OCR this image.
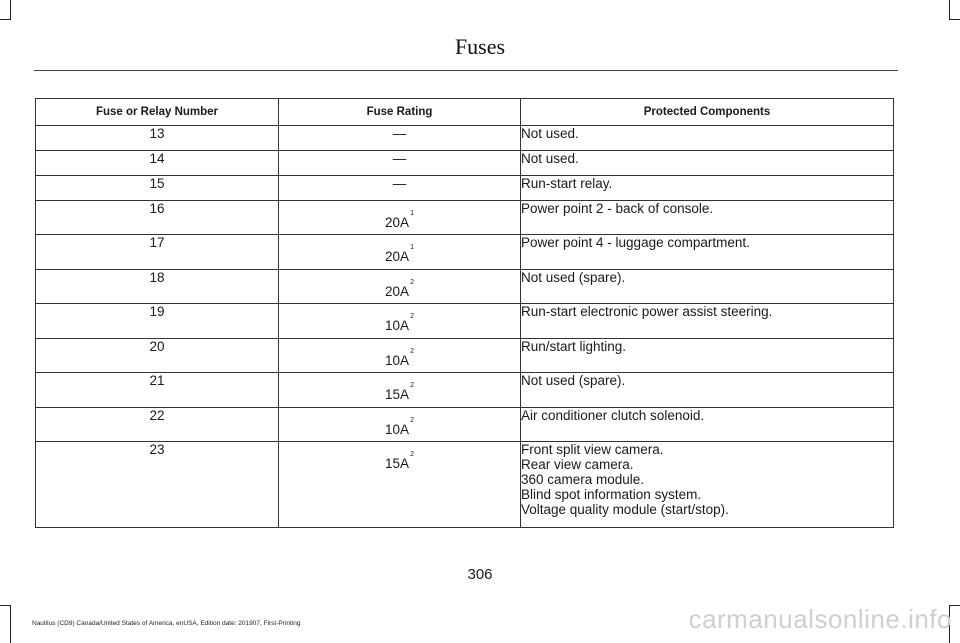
Fuses
Fuse or Relay Number	Fuse Rating	Protected Components
13	—	Not used.

14	—	Not used.

15	—	Run-start relay.

16	20A$^1$	Power point 2 - back of console.

17	20A$^1$	Power point 4 - luggage compartment.

18	20A$^2$	Not used (spare).

19	10A$^2$	Run-start electronic power assist steering.

20	10A$^2$	Run/start lighting.

21	15A$^2$	Not used (spare).

22	10A$^2$	Air conditioner clutch solenoid.

23	15A$^2$	Front split view camera.
Rear view camera.
360 camera module.
Blind spot information system.
Voltage quality module (start/stop).
306
Nautilus (CD9) Canada/United States of America, enUSA, Edition date: 201907, First-Printing	carmanualsonline.info
